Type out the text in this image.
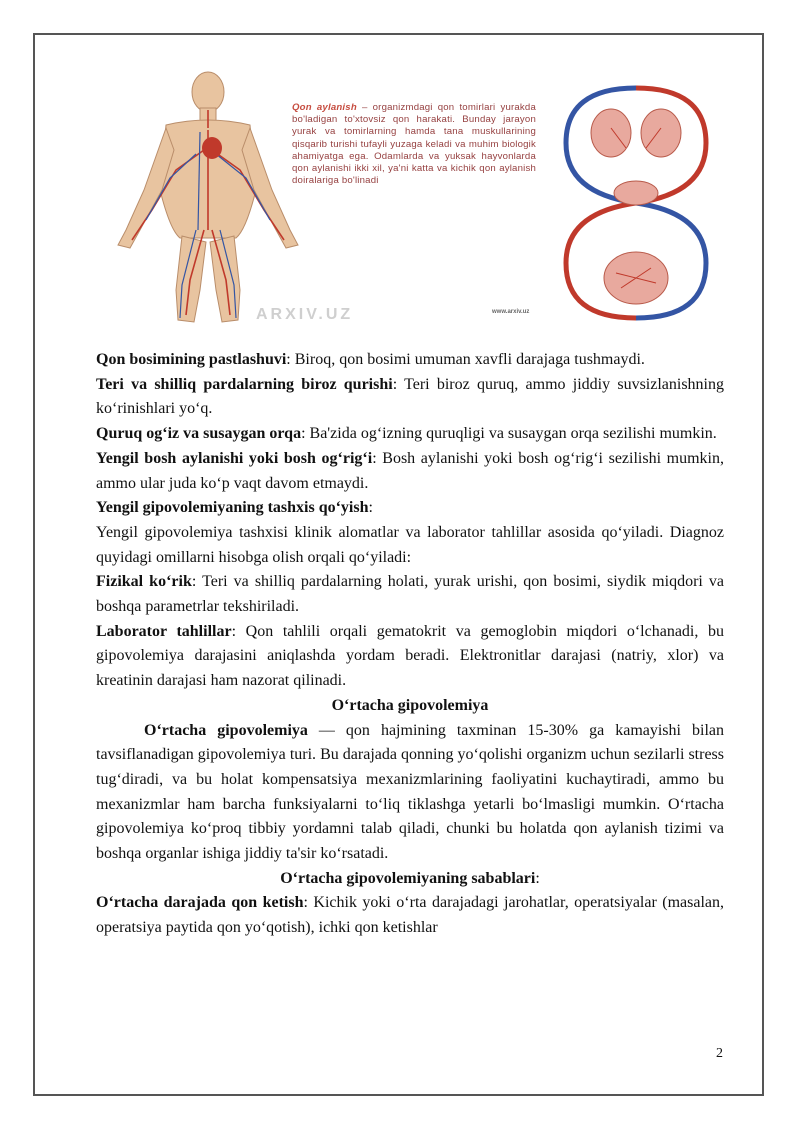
Qon aylanish – organizmdagi qon tomirlari yurakda bo'ladigan to'xtovsiz qon harakati. Bunday jarayon yurak va tomirlarning hamda tana muskullarining qisqarib turishi tufayli yuzaga keladi va muhim biologik ahamiyatga ega. Odamlarda va yuksak hayvonlarda qon aylanishi ikki xil, ya'ni katta va kichik qon aylanish doiralariga bo'linadi
ARXIV.UZ	www.arxiv.uz

Qon bosimining pastlashuvi: Biroq, qon bosimi umuman xavfli darajaga tushmaydi.

Teri va shilliq pardalarning biroz qurishi: Teri biroz quruq, ammo jiddiy suvsizlanishning ko‘rinishlari yo‘q.

Quruq og‘iz va susaygan orqa: Ba'zida og‘izning quruqligi va susaygan orqa sezilishi mumkin.

Yengil bosh aylanishi yoki bosh og‘rig‘i: Bosh aylanishi yoki bosh og‘rig‘i sezilishi mumkin, ammo ular juda ko‘p vaqt davom etmaydi.

Yengil gipovolemiyaning tashxis qo‘yish:

Yengil gipovolemiya tashxisi klinik alomatlar va laborator tahlillar asosida qo‘yiladi. Diagnoz quyidagi omillarni hisobga olish orqali qo‘yiladi:

Fizikal ko‘rik: Teri va shilliq pardalarning holati, yurak urishi, qon bosimi, siydik miqdori va boshqa parametrlar tekshiriladi.

Laborator tahlillar: Qon tahlili orqali gematokrit va gemoglobin miqdori o‘lchanadi, bu gipovolemiya darajasini aniqlashda yordam beradi. Elektronitlar darajasi (natriy, xlor) va kreatinin darajasi ham nazorat qilinadi.

O‘rtacha gipovolemiya

O‘rtacha gipovolemiya — qon hajmining taxminan 15-30% ga kamayishi bilan tavsiflanadigan gipovolemiya turi. Bu darajada qonning yo‘qolishi organizm uchun sezilarli stress tug‘diradi, va bu holat kompensatsiya mexanizmlarining faoliyatini kuchaytiradi, ammo bu mexanizmlar ham barcha funksiyalarni to‘liq tiklashga yetarli bo‘lmasligi mumkin. O‘rtacha gipovolemiya ko‘proq tibbiy yordamni talab qiladi, chunki bu holatda qon aylanish tizimi va boshqa organlar ishiga jiddiy ta'sir ko‘rsatadi.

O‘rtacha gipovolemiyaning sabablari:

O‘rtacha darajada qon ketish: Kichik yoki o‘rta darajadagi jarohatlar, operatsiyalar (masalan, operatsiya paytida qon yo‘qotish), ichki qon ketishlar

2
